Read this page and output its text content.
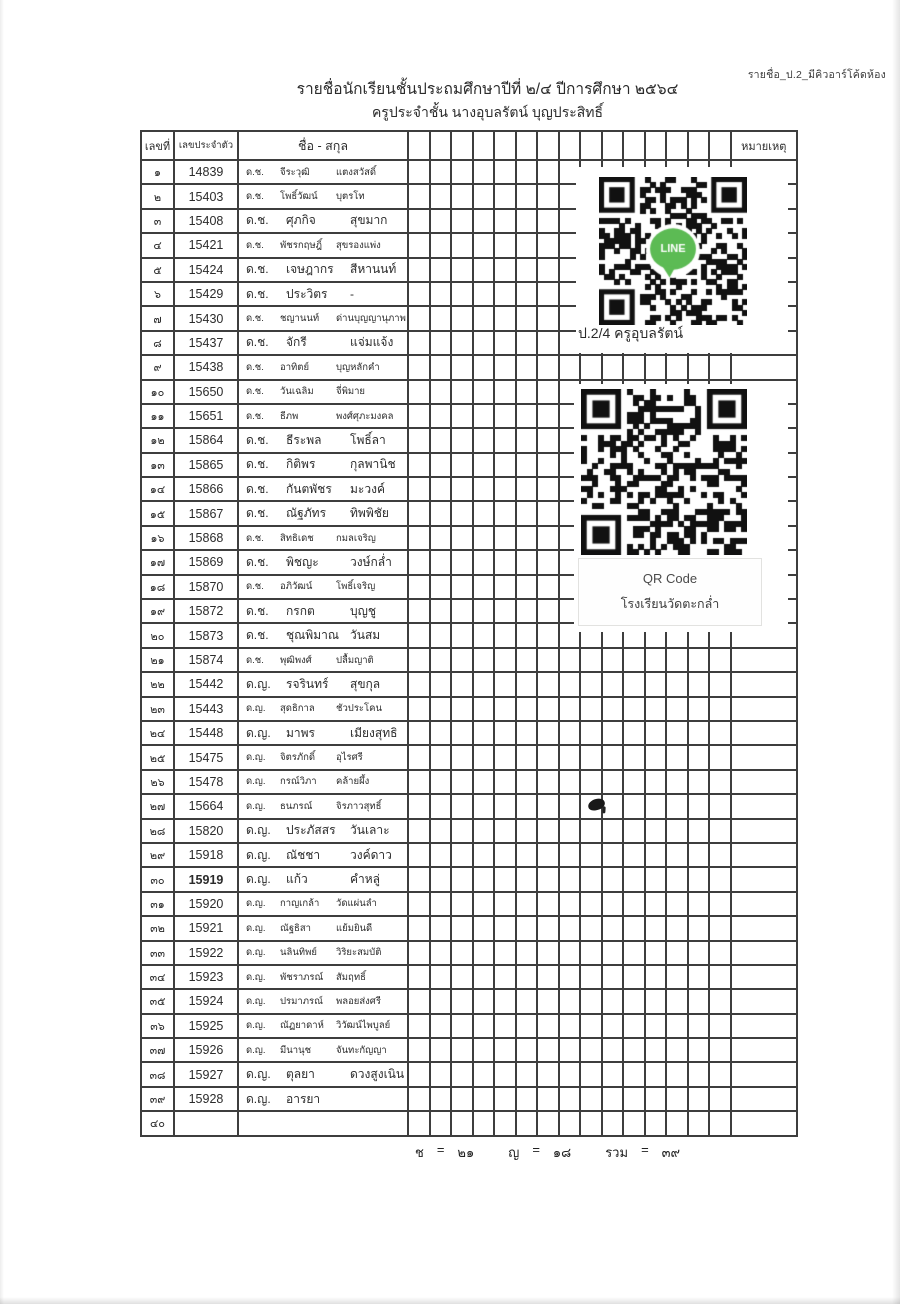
รายชื่อ_ป.2_มีคิวอาร์โค้ดห้อง
รายชื่อนักเรียนชั้นประถมศึกษาปีที่ ๒/๔ ปีการศึกษา ๒๕๖๔
ครูประจำชั้น นางอุบลรัตน์ บุญประสิทธิ์
เลขที่	เลขประจำตัว	ชื่อ - สกุล																หมายเหตุ
๑	14839	ด.ช. จีระวุฒิ แตงสวัสดิ์																

๒	15403	ด.ช. โพธิ์วัฒน์ บุตรโท																

๓	15408	ด.ช. ศุภกิจ สุขมาก																

๔	15421	ด.ช. พัชรกฤษฎิ์ สุขรองแพ่ง																

๕	15424	ด.ช. เจษฎากร สีหานนท์																

๖	15429	ด.ช. ประวิตร -																

๗	15430	ด.ช. ชญานนท์ ด่านบุญญานุภาพ																

๘	15437	ด.ช. จักรี แจ่มแจ้ง																

๙	15438	ด.ช. อาทิตย์ บุญหลักคำ																

๑๐	15650	ด.ช. วันเฉลิม จี่พิมาย																

๑๑	15651	ด.ช. ธีภพ พงศ์ศุภะมงคล																

๑๒	15864	ด.ช. ธีระพล โพธิ์ลา																

๑๓	15865	ด.ช. กิติพร กุลพานิช																

๑๔	15866	ด.ช. กันตพัชร มะวงค์																

๑๕	15867	ด.ช. ณัฐภัทร ทิพพิชัย																

๑๖	15868	ด.ช. สิทธิเดช กมลเจริญ																

๑๗	15869	ด.ช. พิชญะ วงษ์กล่ำ																

๑๘	15870	ด.ช. อภิวัฒน์ โพธิ์เจริญ																

๑๙	15872	ด.ช. กรกต บุญชู																

๒๐	15873	ด.ช. ชุณพิมาณ วันสม																

๒๑	15874	ด.ช. พุฒิพงศ์ ปลื้มญาติ																

๒๒	15442	ด.ญ. รจรินทร์ สุขกุล																

๒๓	15443	ด.ญ. สุดธิกาล ชัวประโคน																

๒๔	15448	ด.ญ. มาพร เมียงสุทธิ																

๒๕	15475	ด.ญ. จิตรภักดิ์ อุไรศรี																

๒๖	15478	ด.ญ. กรณ์วิภา คล้ายผึ้ง																

๒๗	15664	ด.ญ. ธนภรณ์ จิรภาวสุทธิ์																

๒๘	15820	ด.ญ. ประภัสสร วันเลาะ																

๒๙	15918	ด.ญ. ณัชชา วงค์ดาว																

๓๐	15919	ด.ญ. แก้ว คำหลู่																

๓๑	15920	ด.ญ. กาญเกล้า วัดแผ่นลำ																

๓๒	15921	ด.ญ. ณัฐธิสา แย้มยินดี																

๓๓	15922	ด.ญ. นลินทิพย์ วิริยะสมบัติ																

๓๔	15923	ด.ญ. พัชราภรณ์ สัมฤทธิ์																

๓๕	15924	ด.ญ. ปรมาภรณ์ พลอยส่งศรี																

๓๖	15925	ด.ญ. ณัฏยาดาห์ วิวัฒน์ไพบูลย์																

๓๗	15926	ด.ญ. มีนานุช จันทะกัญญา																

๓๘	15927	ด.ญ. ตุลยา ดวงสูงเนิน																

๓๙	15928	ด.ญ. อารยา																

๔๐		

ป.2/4 ครูอุบลรัตน์
QR Code
โรงเรียนวัดตะกล่ำ
ช = ๒๑	ญ = ๑๘	รวม = ๓๙
